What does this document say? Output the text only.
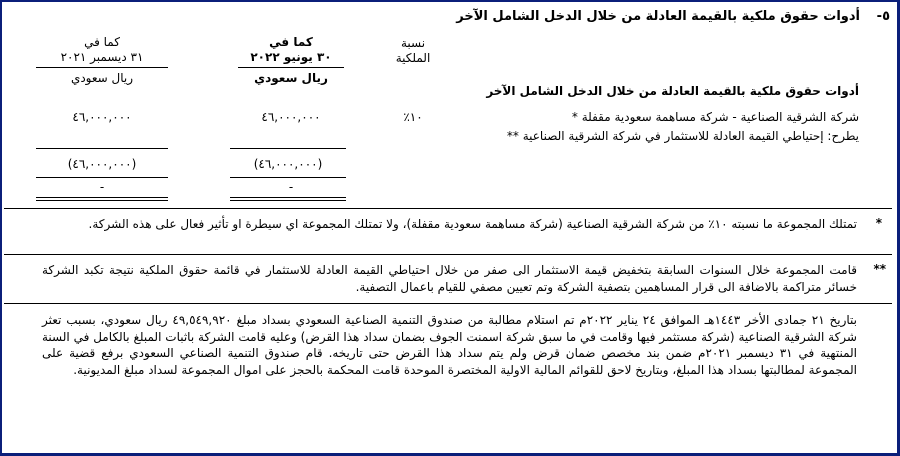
٥-
أدوات حقوق ملكية بالقيمة العادلة من خلال الدخل الشامل الآخر
نسبة
الملكية
كما في
٣٠ يونيو ٢٠٢٢
كما في
٣١ ديسمبر ٢٠٢١
ريال سعودي
ريال سعودي
أدوات حقوق ملكية بالقيمة العادلة من خلال الدخل الشامل الآخر
شركة الشرقية الصناعية - شركة مساهمة سعودية مقفلة *
١٠٪
٤٦,٠٠٠,٠٠٠
٤٦,٠٠٠,٠٠٠
يطرح: إحتياطي القيمة العادلة للاستثمار في شركة الشرقية الصناعية **
(٤٦,٠٠٠,٠٠٠)
(٤٦,٠٠٠,٠٠٠)
-
-
*

تمتلك المجموعة ما نسبته ١٠٪ من شركة الشرقية الصناعية (شركة مساهمة سعودية مقفلة)، ولا تمتلك المجموعة اي سيطرة او تأثير فعال على هذه الشركة.

**

قامت المجموعة خلال السنوات السابقة بتخفيض قيمة الاستثمار الى صفر من خلال احتياطي القيمة العادلة للاستثمار في قائمة حقوق الملكية نتيجة تكبد الشركة خسائر متراكمة بالاضافة الى قرار المساهمين بتصفية الشركة وتم تعيين مصفي للقيام باعمال التصفية.

بتاريخ ٢١ جمادى الأخر ١٤٤٣هـ الموافق ٢٤ يناير ٢٠٢٢م تم استلام مطالبة من صندوق التنمية الصناعية السعودي بسداد مبلغ ٤٩,٥٤٩,٩٢٠ ريال سعودي، بسبب تعثر شركة الشرقية الصناعية (شركة مستثمر فيها وقامت في ما سبق شركة اسمنت الجوف بضمان سداد هذا القرض) وعليه قامت الشركة باثبات المبلغ بالكامل في السنة المنتهية في ٣١ ديسمبر ٢٠٢١م ضمن بند مخصص ضمان قرض ولم يتم سداد هذا القرض حتى تاريخه. قام صندوق التنمية الصناعي السعودي برفع قضية على المجموعة لمطالبتها بسداد هذا المبلغ، وبتاريخ لاحق للقوائم المالية الاولية المختصرة الموحدة قامت المحكمة بالحجز على اموال المجموعة لسداد مبلغ المديونية.
